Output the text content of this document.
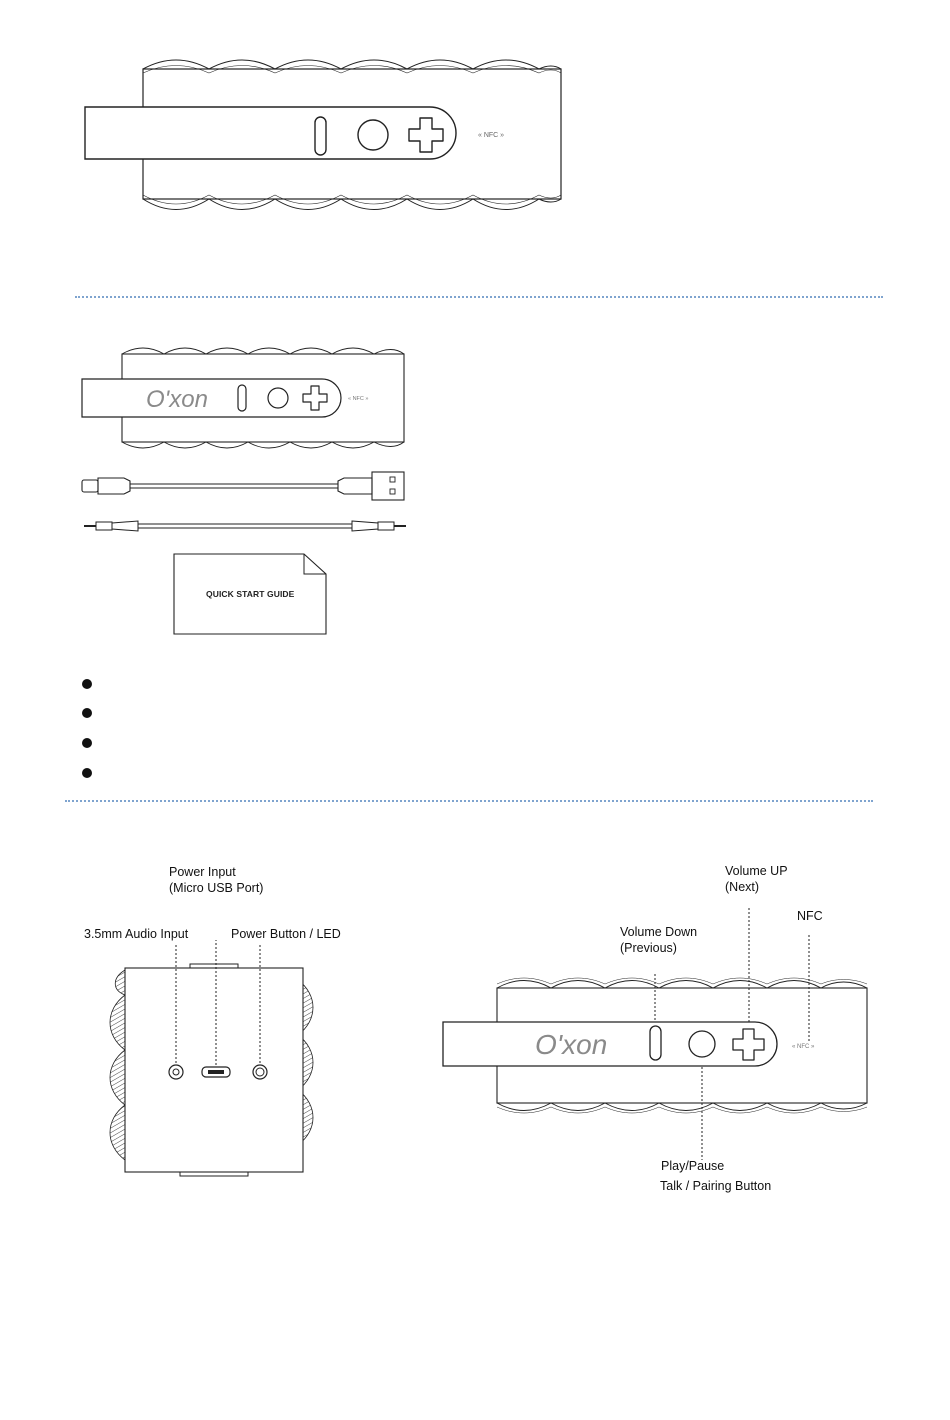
« NFC »
O'xon	« NFC »
QUICK START GUIDE
Power Input
(Micro USB Port)
3.5mm Audio Input	Power Button / LED
Volume UP
(Next)
NFC
Volume Down
(Previous)
O'xon	« NFC »
Play/Pause
Talk / Pairing Button
